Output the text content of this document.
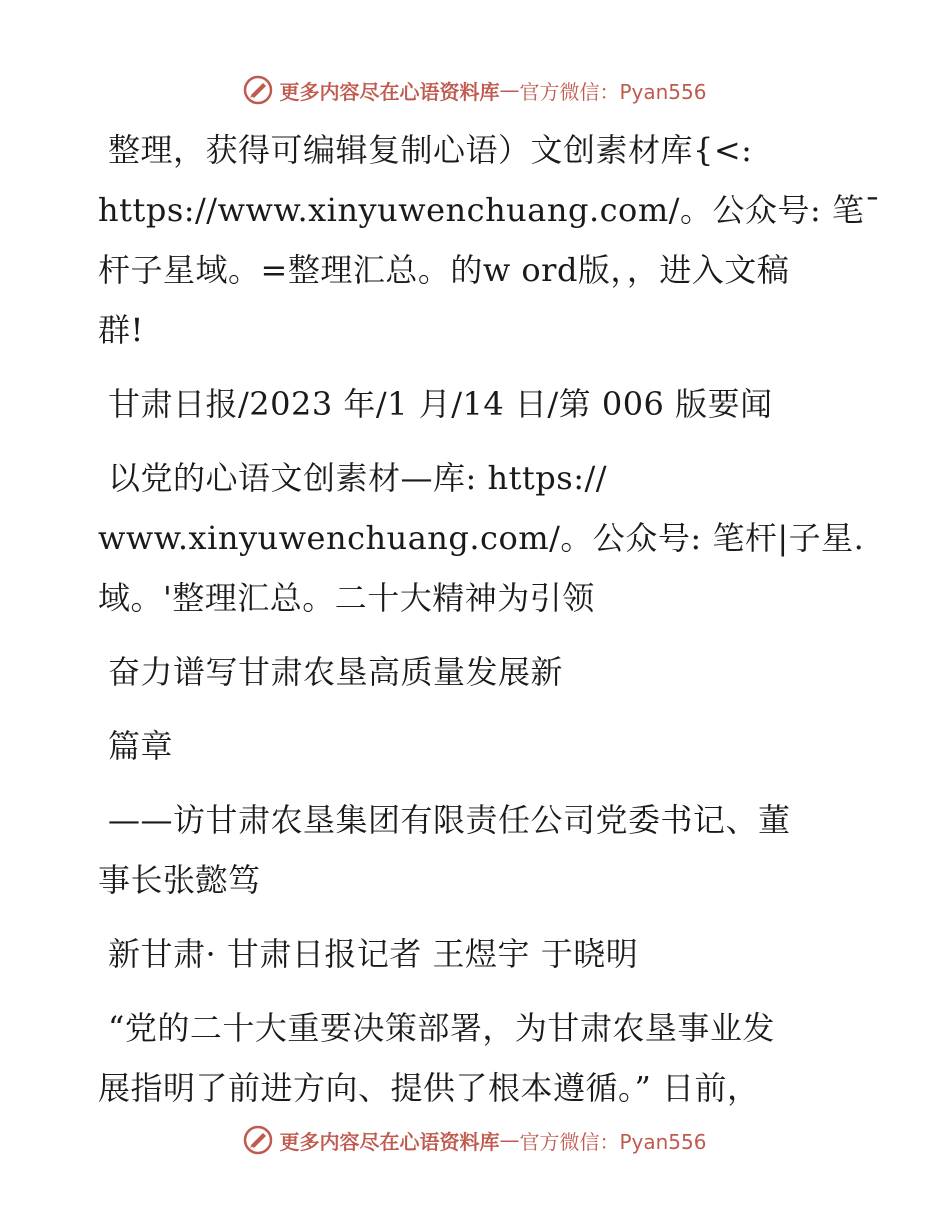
更多内容尽在心语资料库 — 官方微信：Pyan556
整理，获得可编辑复制心语）文创素材库{<:
https://www.xinyuwenchuang.com/。公众号: 笔¯
杆子星域。=整理汇总。的w ord版，，进入文稿
群!
甘肃日报/2023 年/1 月/14 日/第 006 版要闻
以党的心语文创素材—库: https://
www.xinyuwenchuang.com/。公众号: 笔杆|子星.
域。'整理汇总。二十大精神为引领
奋力谱写甘肃农垦高质量发展新
篇章
——访甘肃农垦集团有限责任公司党委书记、董
事长张懿笃
新甘肃· 甘肃日报记者 王煜宇 于晓明
“党的二十大重要决策部署，为甘肃农垦事业发
展指明了前进方向、提供了根本遵循。” 日前，
更多内容尽在心语资料库 — 官方微信：Pyan556
